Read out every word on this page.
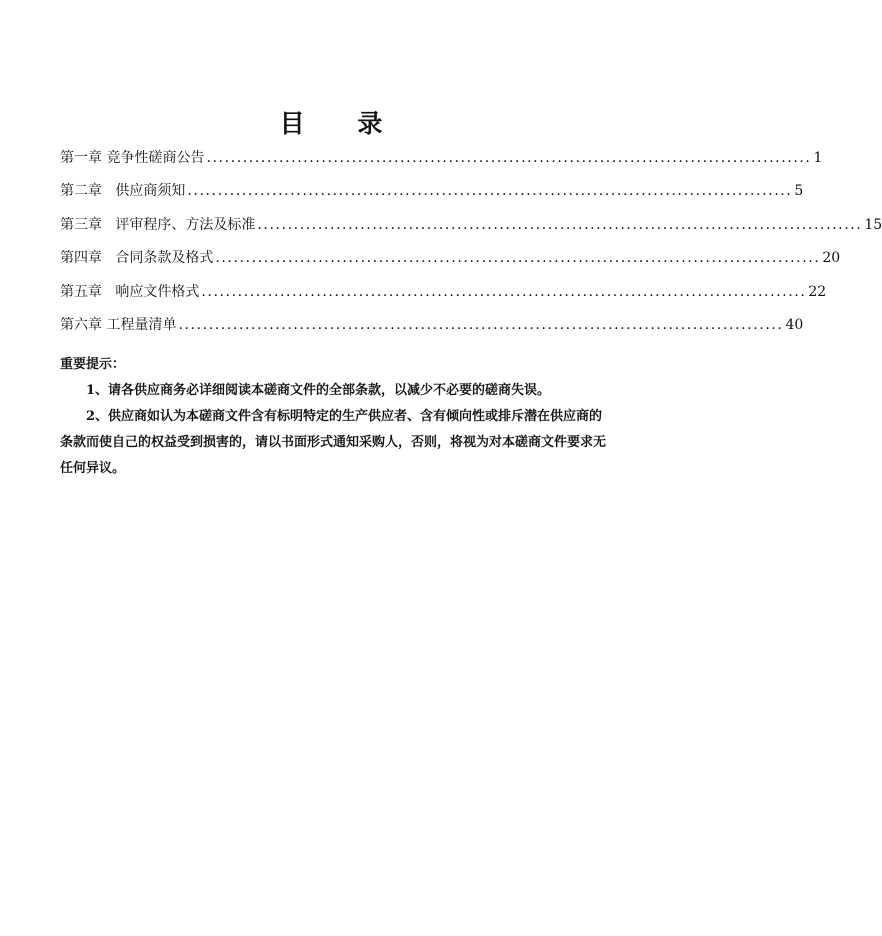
目 录
第一章
竞争性磋商公告 .................................................................................................... 1
第二章
供应商须知 .................................................................................................... 5
第三章
评审程序、方法及标准 .................................................................................................... 15
第四章
合同条款及格式 .................................................................................................... 20
第五章
响应文件格式 .................................................................................................... 22
第六章
工程量清单 .................................................................................................... 40
重要提示：

1、请各供应商务必详细阅读本磋商文件的全部条款，以减少不必要的磋商失误。

2、供应商如认为本磋商文件含有标明特定的生产供应者、含有倾向性或排斥潜在供应商的条款而使自己的权益受到损害的，请以书面形式通知采购人，否则，将视为对本磋商文件要求无任何异议。
